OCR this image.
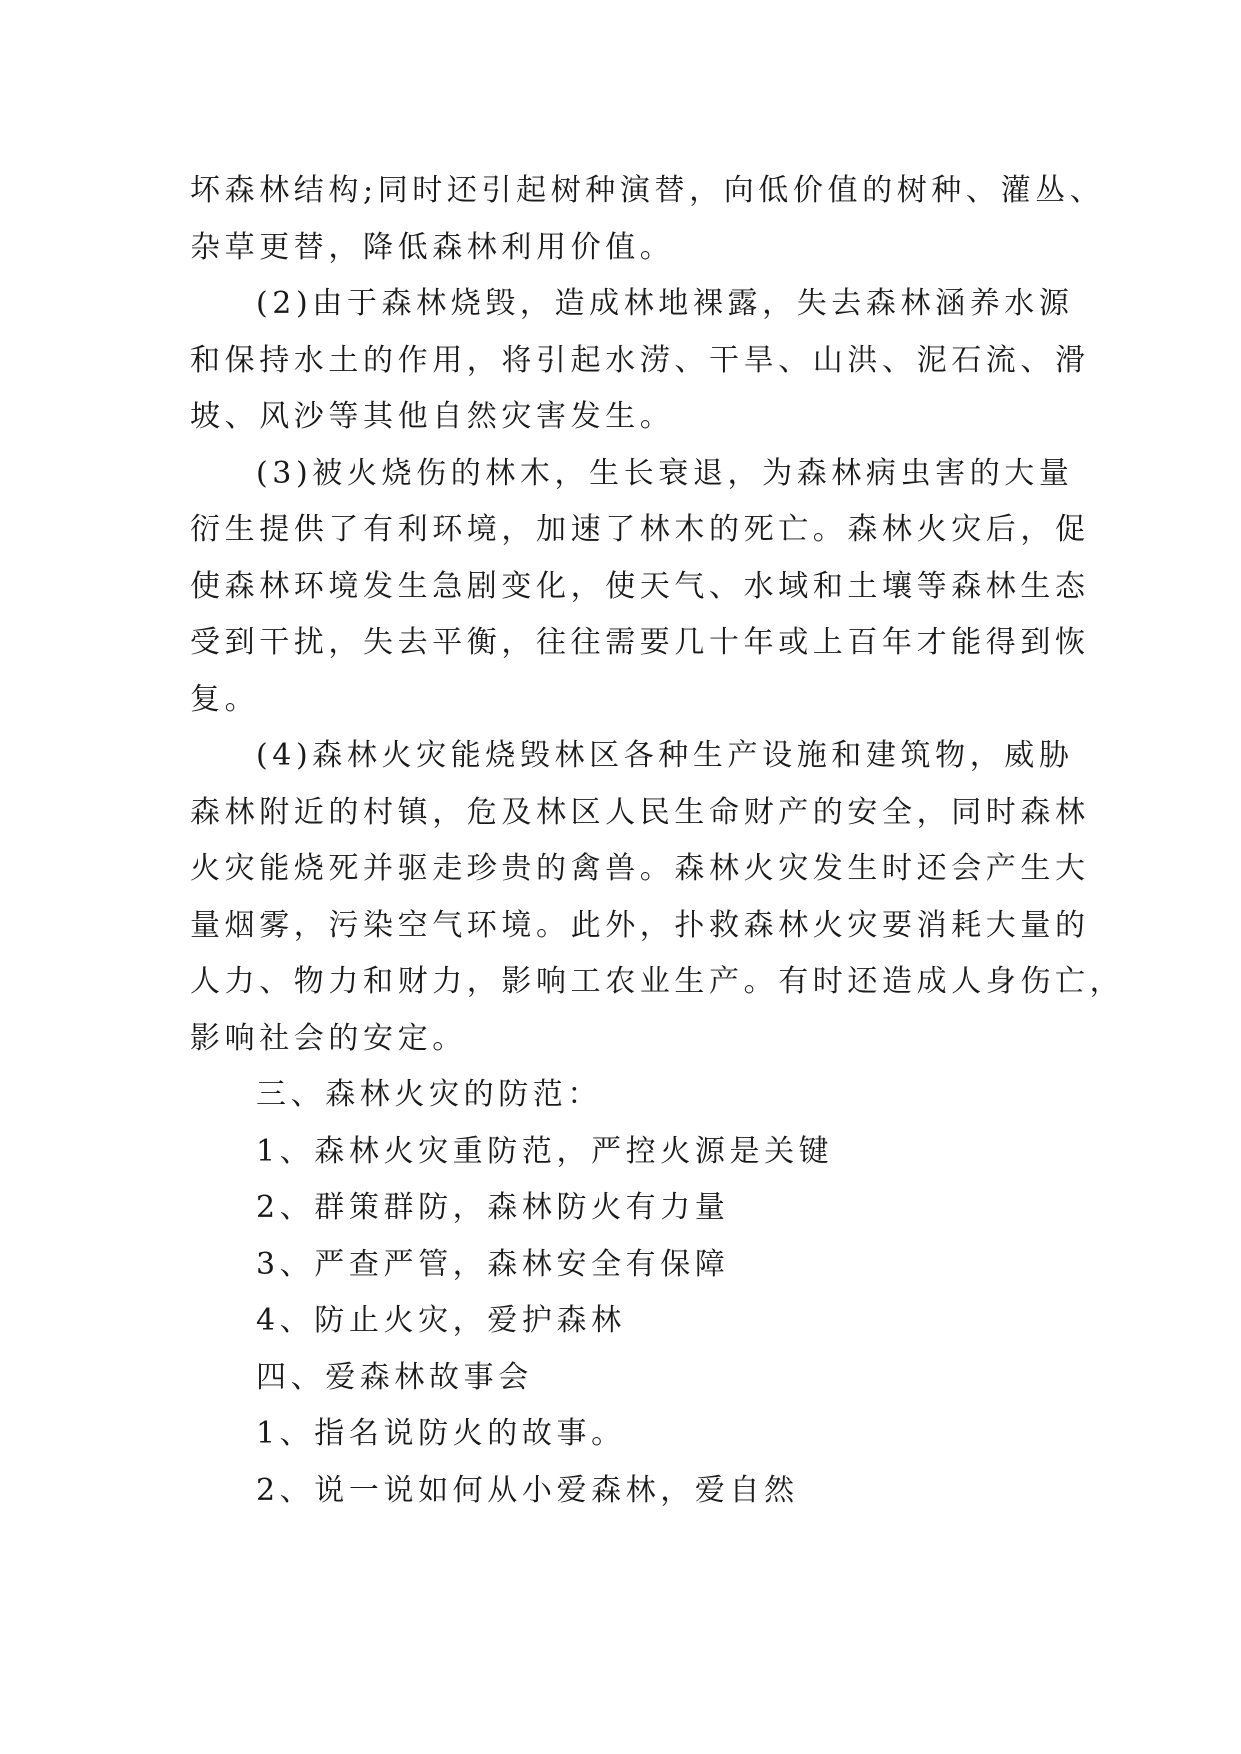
坏森林结构;同时还引起树种演替，向低价值的树种、灌丛、
杂草更替，降低森林利用价值。
(2)由于森林烧毁，造成林地裸露，失去森林涵养水源
和保持水土的作用，将引起水涝、干旱、山洪、泥石流、滑
坡、风沙等其他自然灾害发生。
(3)被火烧伤的林木，生长衰退，为森林病虫害的大量
衍生提供了有利环境，加速了林木的死亡。森林火灾后，促
使森林环境发生急剧变化，使天气、水域和土壤等森林生态
受到干扰，失去平衡，往往需要几十年或上百年才能得到恢
复。
(4)森林火灾能烧毁林区各种生产设施和建筑物，威胁
森林附近的村镇，危及林区人民生命财产的安全，同时森林
火灾能烧死并驱走珍贵的禽兽。森林火灾发生时还会产生大
量烟雾，污染空气环境。此外，扑救森林火灾要消耗大量的
人力、物力和财力，影响工农业生产。有时还造成人身伤亡，
影响社会的安定。
三、森林火灾的防范：
1、森林火灾重防范，严控火源是关键
2、群策群防，森林防火有力量
3、严查严管，森林安全有保障
4、防止火灾，爱护森林
四、爱森林故事会
1、指名说防火的故事。
2、说一说如何从小爱森林，爱自然
